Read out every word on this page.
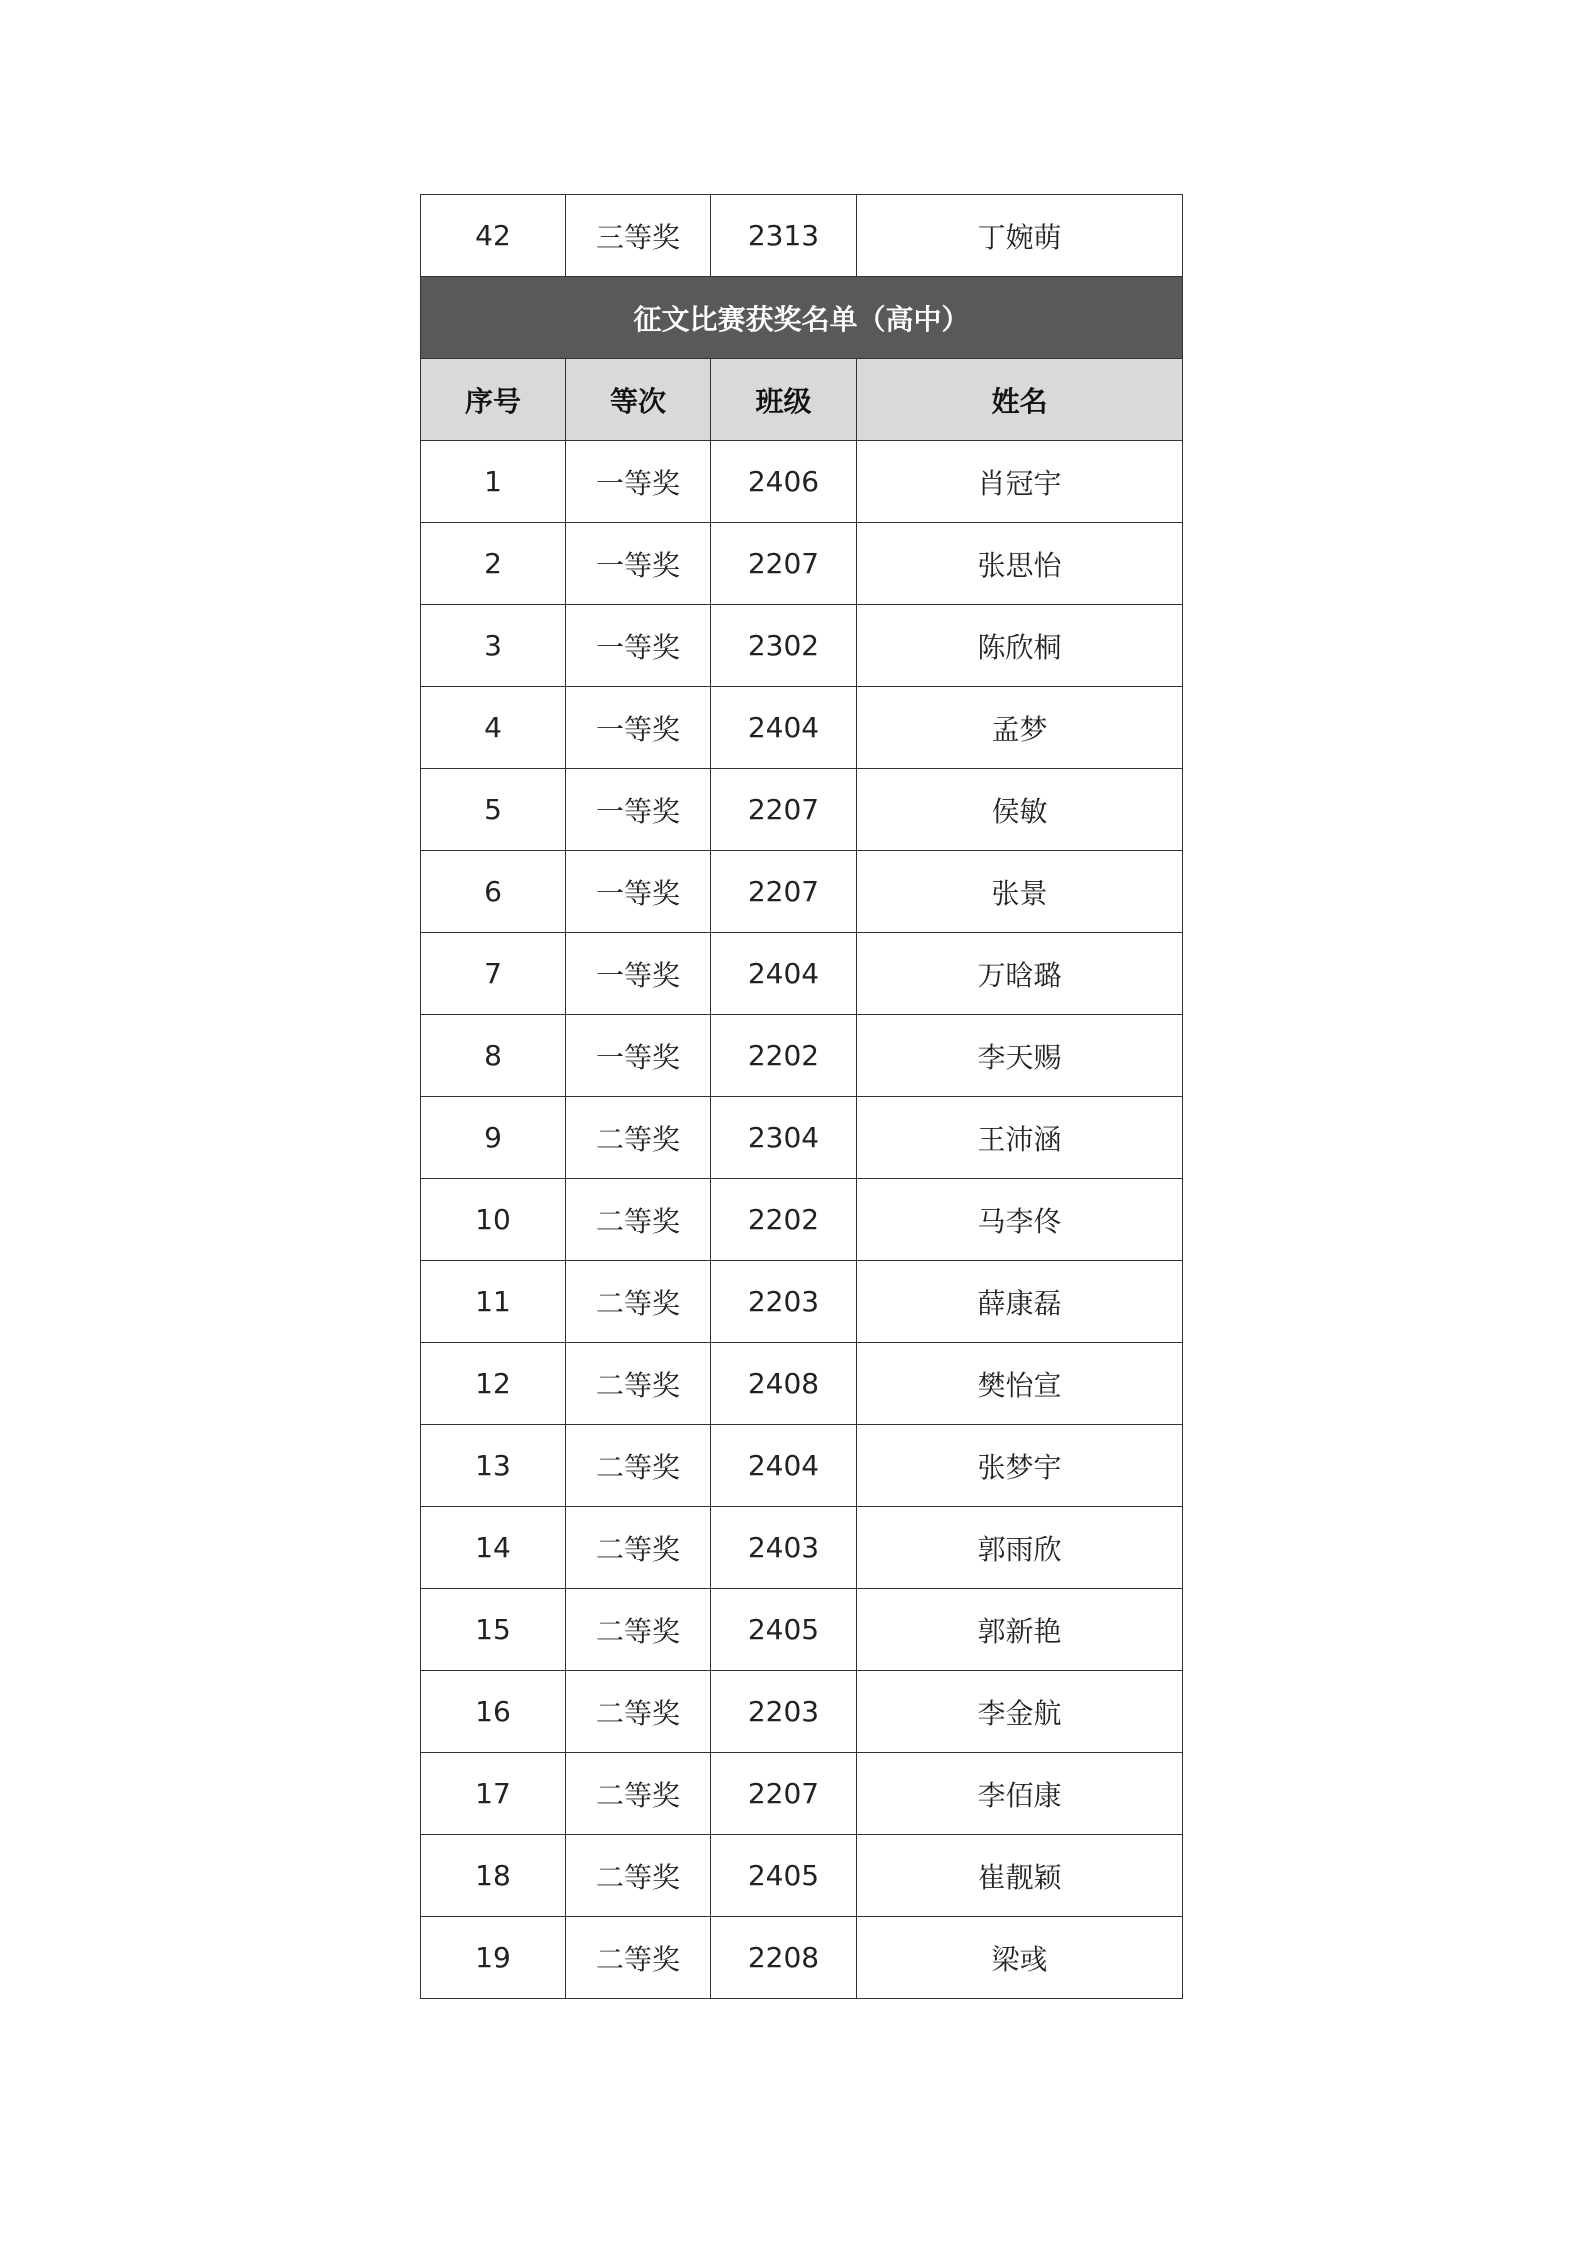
42	三等奖	2313	丁婉萌
征文比赛获奖名单（高中）			
序号	等次	班级	姓名
1	一等奖	2406	肖冠宇
2	一等奖	2207	张思怡
3	一等奖	2302	陈欣桐
4	一等奖	2404	孟梦
5	一等奖	2207	侯敏
6	一等奖	2207	张景
7	一等奖	2404	万晗璐
8	一等奖	2202	李天赐
9	二等奖	2304	王沛涵
10	二等奖	2202	马李佟
11	二等奖	2203	薛康磊
12	二等奖	2408	樊怡宣
13	二等奖	2404	张梦宇
14	二等奖	2403	郭雨欣
15	二等奖	2405	郭新艳
16	二等奖	2203	李金航
17	二等奖	2207	李佰康
18	二等奖	2405	崔靓颖
19	二等奖	2208	梁彧
